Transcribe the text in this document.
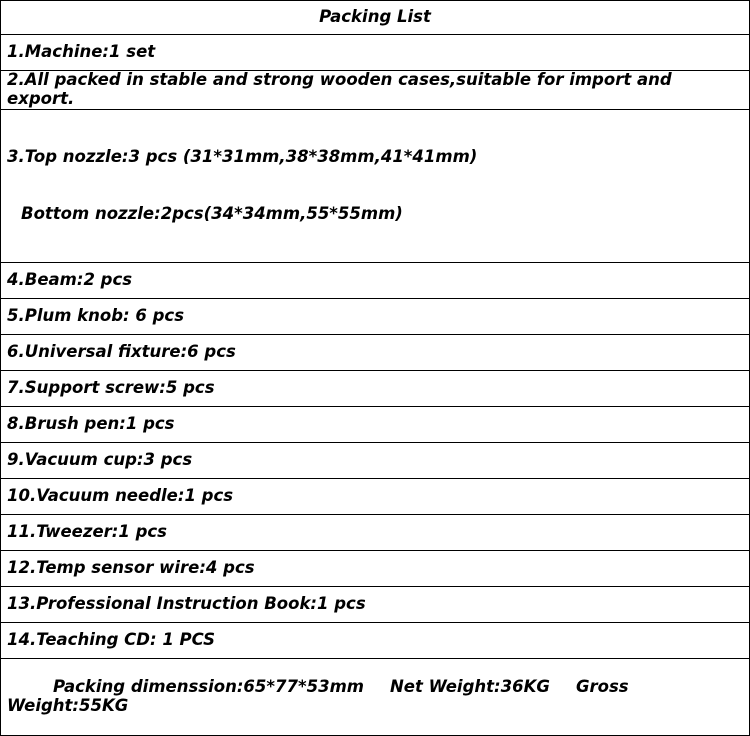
Packing List
1.Machine:1 set
2.All packed in stable and strong wooden cases,suitable for import and export.

3.Top nozzle:3 pcs (31*31mm,38*38mm,41*41mm)

Bottom nozzle:2pcs(34*34mm,55*55mm)

4.Beam:2 pcs
5.Plum knob: 6 pcs
6.Universal fixture:6 pcs
7.Support screw:5 pcs
8.Brush pen:1 pcs
9.Vacuum cup:3 pcs
10.Vacuum needle:1 pcs
11.Tweezer:1 pcs
12.Temp sensor wire:4 pcs
13.Professional Instruction Book:1 pcs
14.Teaching CD: 1 PCS

Packing dimenssion:65*77*53mm Net Weight:36KG Gross Weight:55KG
